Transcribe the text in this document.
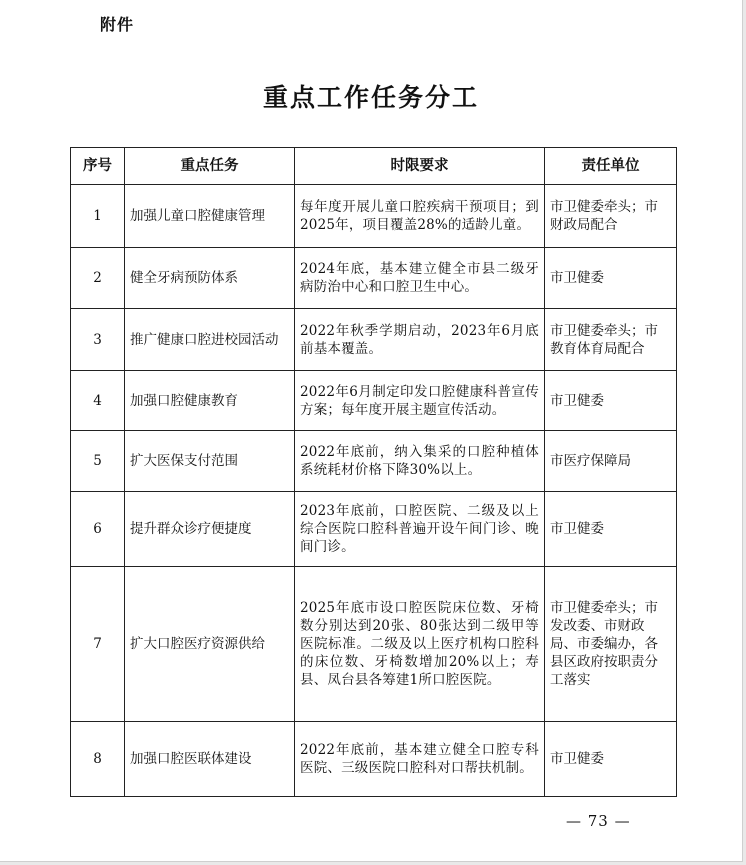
附件
重点工作任务分工
序号	重点任务	时限要求	责任单位
1	加强儿童口腔健康管理	每年度开展儿童口腔疾病干预项目；到2025年，项目覆盖28%的适龄儿童。	市卫健委牵头；市财政局配合
2	健全牙病预防体系	2024年底，基本建立健全市县二级牙病防治中心和口腔卫生中心。	市卫健委
3	推广健康口腔进校园活动	2022年秋季学期启动，2023年6月底前基本覆盖。	市卫健委牵头；市教育体育局配合
4	加强口腔健康教育	2022年6月制定印发口腔健康科普宣传方案；每年度开展主题宣传活动。	市卫健委
5	扩大医保支付范围	2022年底前，纳入集采的口腔种植体系统耗材价格下降30%以上。	市医疗保障局
6	提升群众诊疗便捷度	2023年底前，口腔医院、二级及以上综合医院口腔科普遍开设午间门诊、晚间门诊。	市卫健委
7	扩大口腔医疗资源供给	2025年底市设口腔医院床位数、牙椅数分别达到20张、80张达到二级甲等医院标准。二级及以上医疗机构口腔科的床位数、牙椅数增加20%以上；寿县、凤台县各筹建1所口腔医院。	市卫健委牵头；市发改委、市财政局、市委编办，各县区政府按职责分工落实
8	加强口腔医联体建设	2022年底前，基本建立健全口腔专科医院、三级医院口腔科对口帮扶机制。	市卫健委
— 73 —
